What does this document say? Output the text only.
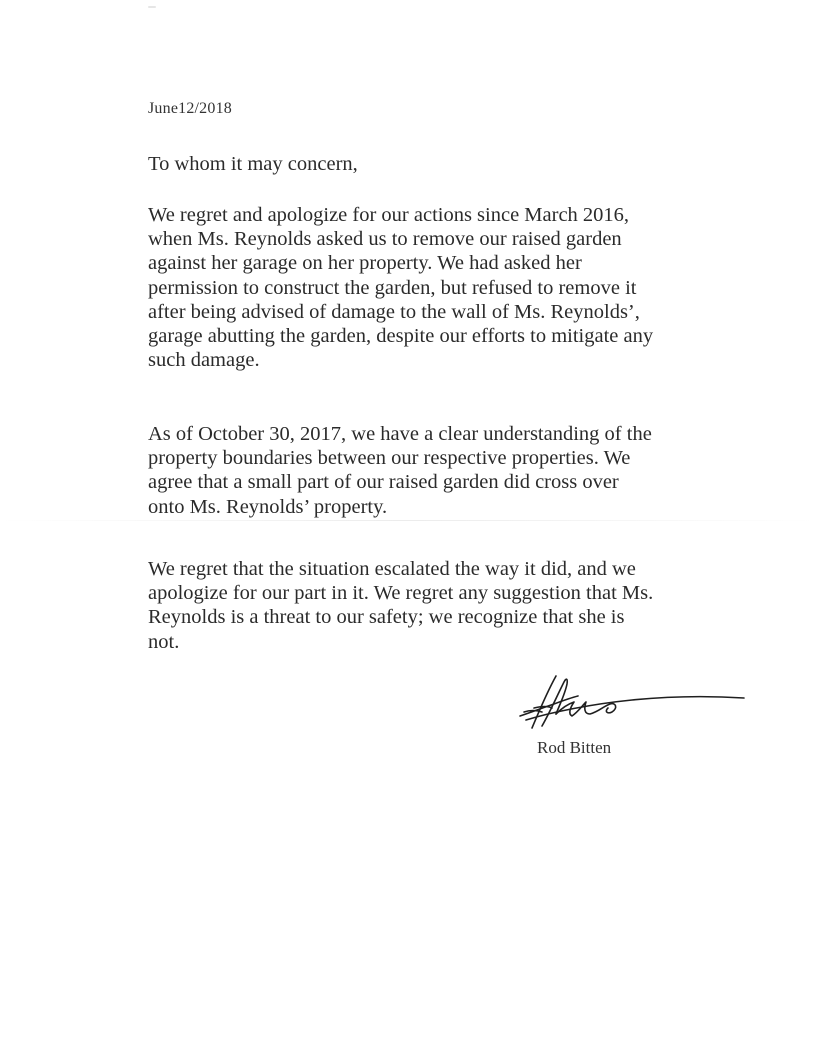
June12/2018
To whom it may concern,
We regret and apologize for our actions since March 2016,
when Ms. Reynolds asked us to remove our raised garden
against her garage on her property. We had asked her
permission to construct the garden, but refused to remove it
after being advised of damage to the wall of Ms. Reynolds’,
garage abutting the garden, despite our efforts to mitigate any
such damage.
As of October 30, 2017, we have a clear understanding of the
property boundaries between our respective properties. We
agree that a small part of our raised garden did cross over
onto Ms. Reynolds’ property.
We regret that the situation escalated the way it did, and we
apologize for our part in it. We regret any suggestion that Ms.
Reynolds is a threat to our safety; we recognize that she is
not.
Rod Bitten
